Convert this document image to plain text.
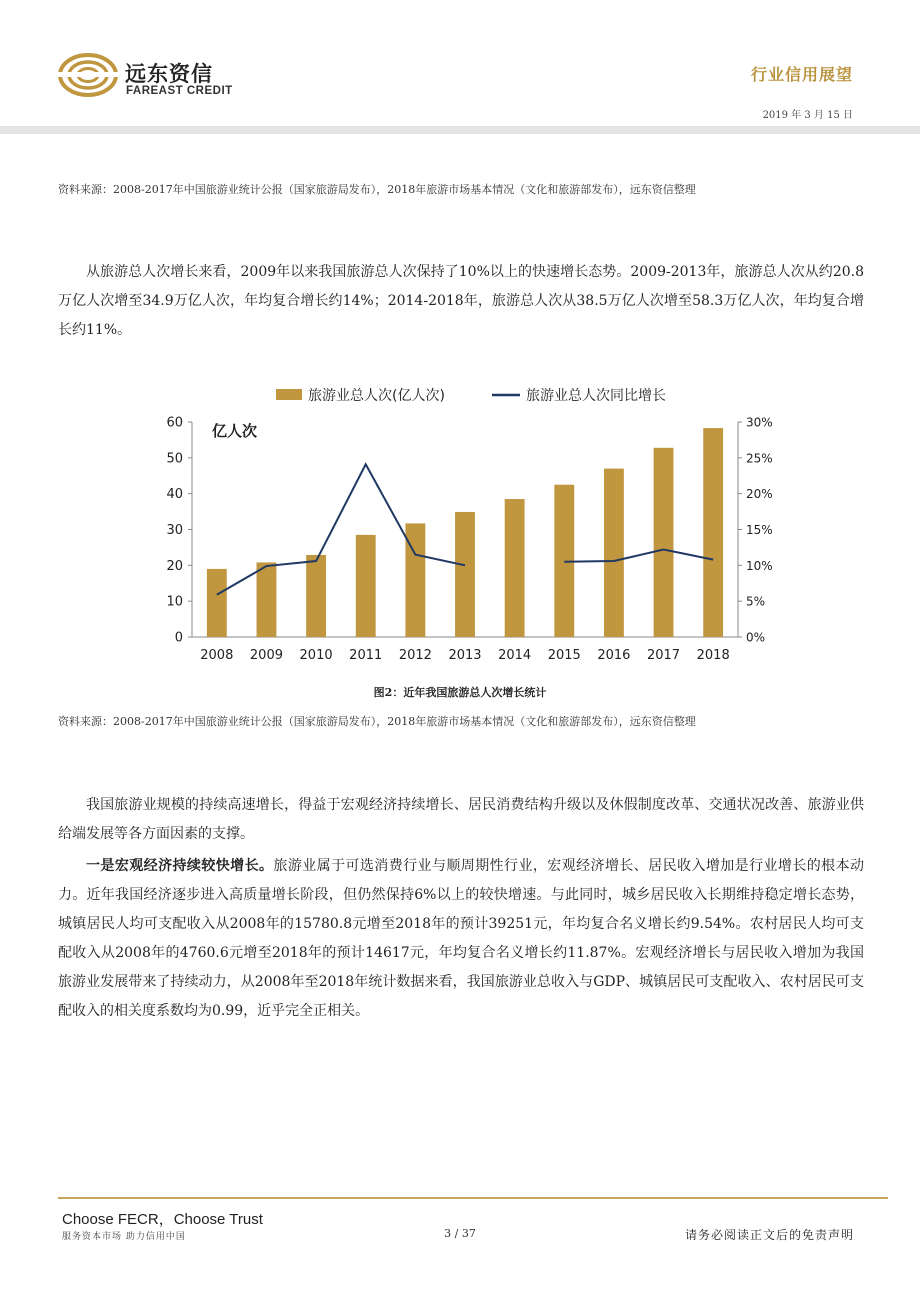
远东资信
FAREAST CREDIT
行业信用展望
2019 年 3 月 15 日
资料来源：2008-2017年中国旅游业统计公报（国家旅游局发布），2018年旅游市场基本情况（文化和旅游部发布），远东资信整理
从旅游总人次增长来看，2009年以来我国旅游总人次保持了10%以上的快速增长态势。2009-2013年，旅游总人次从约20.8万亿人次增至34.9万亿人次，年均复合增长约14%；2014-2018年，旅游总人次从38.5万亿人次增至58.3万亿人次，年均复合增长约11%。
0
10
20
30
40
50
60
0%
5%
10%
15%
20%
25%
30%
2008 2009 2010 2011 2012 2013 2014 2015 2016 2017 2018
亿人次
旅游业总人次(亿人次)	旅游业总人次同比增长
图2：近年我国旅游总人次增长统计
资料来源：2008-2017年中国旅游业统计公报（国家旅游局发布），2018年旅游市场基本情况（文化和旅游部发布），远东资信整理
我国旅游业规模的持续高速增长，得益于宏观经济持续增长、居民消费结构升级以及休假制度改革、交通状况改善、旅游业供给端发展等各方面因素的支撑。
一是宏观经济持续较快增长。旅游业属于可选消费行业与顺周期性行业，宏观经济增长、居民收入增加是行业增长的根本动力。近年我国经济逐步进入高质量增长阶段，但仍然保持6%以上的较快增速。与此同时，城乡居民收入长期维持稳定增长态势，城镇居民人均可支配收入从2008年的15780.8元增至2018年的预计39251元，年均复合名义增长约9.54%。农村居民人均可支配收入从2008年的4760.6元增至2018年的预计14617元，年均复合名义增长约11.87%。宏观经济增长与居民收入增加为我国旅游业发展带来了持续动力，从2008年至2018年统计数据来看，我国旅游业总收入与GDP、城镇居民可支配收入、农村居民可支配收入的相关度系数均为0.99，近乎完全正相关。
Choose FECR，Choose Trust
服务资本市场 助力信用中国	3 / 37	请务必阅读正文后的免责声明
